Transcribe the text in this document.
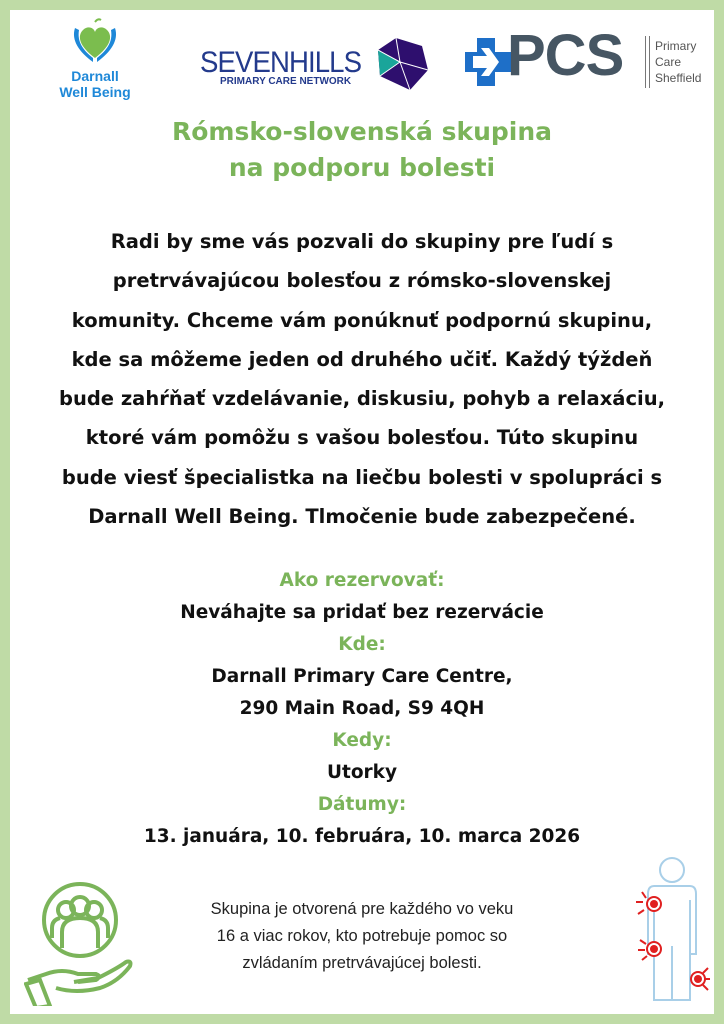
Darnall
Well Being
SEVENHILLS
PRIMARY CARE NETWORK	PCS	Primary
Care
Sheffield
Rómsko-slovenská skupina
na podporu bolesti
Radi by sme vás pozvali do skupiny pre ľudí s
pretrvávajúcou bolesťou z rómsko-slovenskej
komunity. Chceme vám ponúknuť podpornú skupinu,
kde sa môžeme jeden od druhého učiť. Každý týždeň
bude zahŕňať vzdelávanie, diskusiu, pohyb a relaxáciu,
ktoré vám pomôžu s vašou bolesťou. Túto skupinu
bude viesť špecialistka na liečbu bolesti v spolupráci s
Darnall Well Being. Tlmočenie bude zabezpečené.
Ako rezervovať:
Neváhajte sa pridať bez rezervácie
Kde:
Darnall Primary Care Centre,
290 Main Road, S9 4QH
Kedy:
Utorky
Dátumy:
13. januára, 10. februára, 10. marca 2026
Skupina je otvorená pre každého vo veku
16 a viac rokov, kto potrebuje pomoc so
zvládaním pretrvávajúcej bolesti.
